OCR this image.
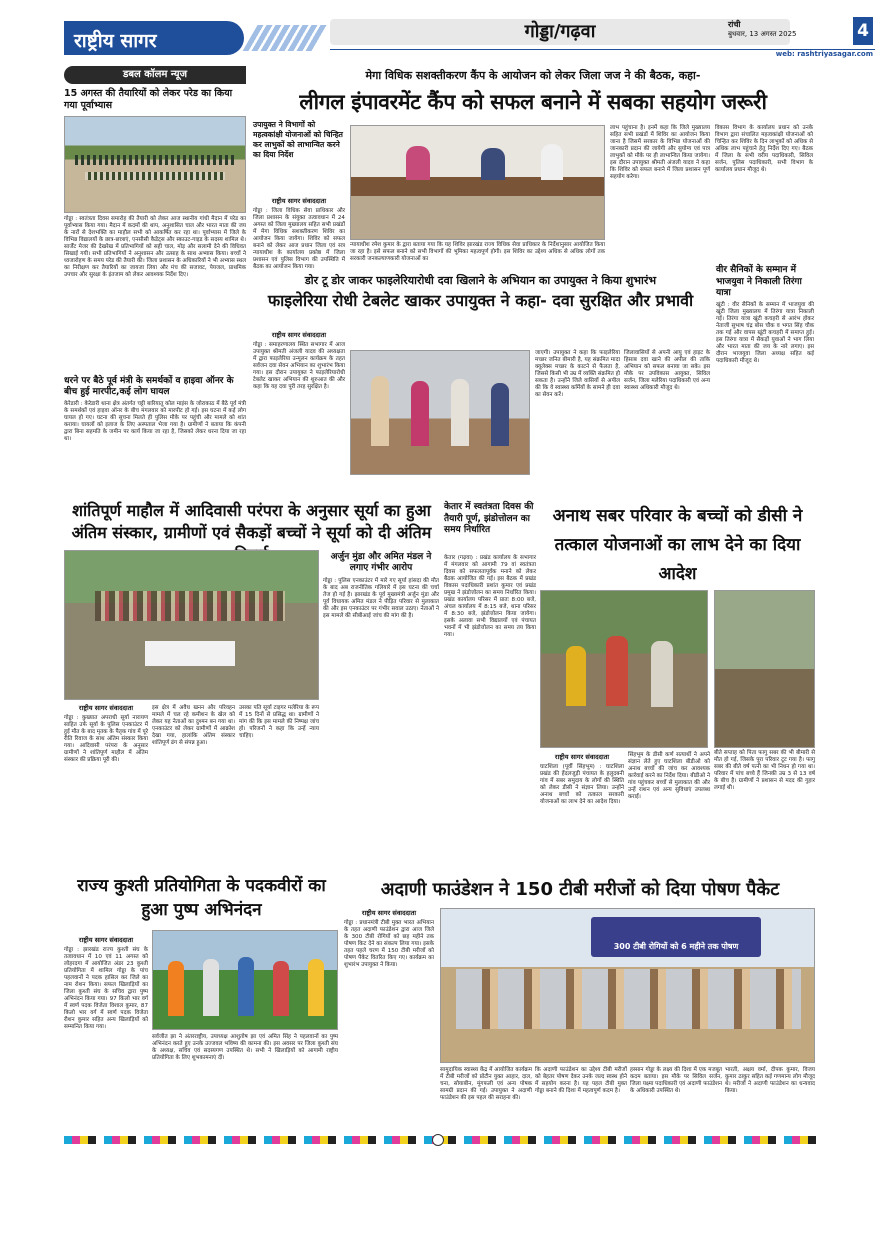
राष्ट्रीय सागर	गोड्डा/गढ़वा	रांची
बुधवार, 13 अगस्त 2025	4
web: rashtriyasagar.com
डबल कॉलम न्यूज
15 अगस्त की तैयारियों को लेकर परेड का किया गया पूर्वाभ्यास
गोड्डा : स्वतंत्रता दिवस समारोह की तैयारी को लेकर आज स्थानीय गांधी मैदान में परेड का पूर्वाभ्यास किया गया। मैदान में कदमों की थाप, अनुशासित चाल और भारत माता की जय के नारों से देशभक्ति का माहौल सभी को आकर्षित कर रहा था। पूर्वाभ्यास में जिले के विभिन्न विद्यालयों के छात्र-छात्राएं, एनसीसी कैडेट्स और स्काउट-गाइड के सदस्य शामिल थे। सार्जेंट मेजर की देखरेख में प्रतिभागियों को सही चाल, मोड़ और सलामी देने की विधिवत सिखाई गयी। सभी प्रतिभागियों ने अनुशासन और उत्साह के साथ अभ्यास किया। बच्चों ने ध्वजारोहण के समय परेड की तैयारी की। जिला प्रशासन के अधिकारियों ने भी अभ्यास स्थल का निरीक्षण कर तैयारियों का जायजा लिया और मंच की सजावट, पेयजल, प्राथमिक उपचार और सुरक्षा के इंतजाम को लेकर आवश्यक निर्देश दिए।
धरने पर बैठे पूर्व मंत्री के समर्थकों व हाइवा ऑनर के बीच हुई मारपीट,कई लोग घायल
केरेडारी : केरेडारी थाना क्षेत्र अंतर्गत चट्टी बारियातू कोल माइंस के जोराकाठ में बैठे पूर्व मंत्री के समर्थकों एवं हाइवा ऑनर के बीच मंगलवार को मारपीट हो गई। इस घटना में कई लोग घायल हो गए। घटना की सूचना मिलते ही पुलिस मौके पर पहुंची और मामले को शांत कराया। घायलों को इलाज के लिए अस्पताल भेजा गया है। ग्रामीणों ने बताया कि कंपनी द्वारा बिना सहमति के जमीन पर कार्य किया जा रहा है, जिसको लेकर धरना दिया जा रहा था।
मेगा विधिक सशक्तीकरण कैंप के आयोजन को लेकर जिला जज ने की बैठक, कहा-
लीगल इंपावरमेंट कैंप को सफल बनाने में सबका सहयोग जरूरी
उपायुक्त ने विभागों को महत्वकांक्षी योजनाओं को चिन्हित कर लाभुकों को लाभान्वित करने का दिया निर्देश
राष्ट्रीय सागर संवाददाता
गोड्डा : जिला विधिक सेवा प्राधिकार और जिला प्रशासन के संयुक्त तत्वावधान में 24 अगस्त को जिला मुख्यालय सहित सभी प्रखंडों में मेगा विधिक सशक्तीकरण शिविर का आयोजन किया जायेगा। शिविर को सफल बनाने को लेकर आज प्रधान जिला एवं सत्र न्यायाधीश के कार्यालय प्रकोष्ठ में जिला प्रशासन एवं पुलिस विभाग की उपस्थिति में बैठक का आयोजन किया गया।
न्यायाधीश रमेश कुमार के द्वारा बताया गया कि यह शिविर झारखंड राज्य विधिक सेवा प्राधिकार के निर्देशानुसार आयोजित किया जा रहा है। इसे सफल बनाने को सभी विभागों की भूमिका महत्वपूर्ण होगी। इस शिविर का उद्देश्य अधिक से अधिक लोगों तक सरकारी जनकल्याणकारी योजनाओं का
लाभ पहुंचाना है। इनमें कहा कि जिले मुख्यालय सहित सभी प्रखंडों में शिविर का आयोजन किया जाना है जिसमें सरकार के विभिन्न योजनाओं की जानकारी प्रदान की जायेगी और सुयोग्य एवं पात्र लाभुकों को मौके पर ही लाभान्वित किया जायेगा। इस दौरान उपायुक्त श्रीमती अंजली यादव ने कहा कि शिविर को सफल बनाने में जिला प्रशासन पूर्ण सहयोग करेगा।
विकास विभाग के कार्यालय प्रधान को उनके विभाग द्वारा संचालित महत्वकांक्षी योजनाओं को चिन्हित कर शिविर के दिन लाभुकों को अधिक से अधिक लाभ पहुंचाने हेतु निर्देश दिए गए। बैठक में जिला के सभी वरीय पदाधिकारी, सिविल सर्जन, पुलिस पदाधिकारी, सभी विभाग के कार्यालय प्रधान मौजूद थे।
डोर टू डोर जाकर फाइलेरियारोधी दवा खिलाने के अभियान का उपायुक्त ने किया शुभारंभ
फाइलेरिया रोधी टेबलेट खाकर उपायुक्त ने कहा- दवा सुरक्षित और प्रभावी
राष्ट्रीय सागर संवाददाता
गोड्डा : समाहरणालय स्थित सभागार में आज उपायुक्त श्रीमती अंजली यादव की अध्यक्षता में द्वारा फाइलेरिया उन्मूलन कार्यक्रम के तहत सर्वजन दवा सेवन अभियान का शुभारंभ किया गया। इस दौरान उपायुक्त ने फाइलेरियारोधी टेबलेट खाकर अभियान की शुरुआत की और कहा कि यह दवा पूरी तरह सुरक्षित है।
जाएगी। उपायुक्त ने कहा कि फाइलेरिया मच्छर जनित बीमारी है, यह संक्रमित मादा क्यूलेक्स मच्छर के काटने से फैलता है, जिससे किसी भी उम्र में व्यक्ति संक्रमित हो सकता है। उन्होंने जिले वासियों से अपील की कि वे स्वास्थ्य कर्मियों के सामने ही दवा का सेवन करें।
जिलावासियों से अपनी आयु एवं हाइट के हिसाब दवा खाने की अपील की ताकि अभियान को सफल बनाया जा सके। इस मौके पर उपविकास आयुक्त, सिविल सर्जन, जिला मलेरिया पदाधिकारी एवं अन्य स्वास्थ्य अधिकारी मौजूद थे।
वीर सैनिकों के सम्मान में भाजयुवा ने निकाली तिरंगा यात्रा
खूंटी : वीर सैनिकों के सम्मान में भाजयुवा की खूंटी जिला मुख्यालय में तिरंगा यात्रा निकाली गई। तिरंगा यात्रा खूंटी कचहरी से आरंभ होकर नेताजी सुभाष चंद्र बोस चौक व भगत सिंह चौक तक गई और वापस खूंटी कचहरी में समाप्त हुई। इस तिरंगा यात्रा में सैकड़ों युवाओं ने भाग लिया और भारत माता की जय के नारे लगाए। इस दौरान भाजयुवा जिला अध्यक्ष सहित कई पदाधिकारी मौजूद थे।
शांतिपूर्ण माहौल में आदिवासी परंपरा के अनुसार सूर्या का हुआ अंतिम संस्कार, ग्रामीणों एवं सैकड़ों बच्चों ने सूर्या को दी अंतिम
अर्जुन मुंडा और अमित मंडल ने लगाए गंभीर आरोप
गोड्डा : पुलिस एनकाउंटर में मारे गए सूर्या हांसदा की मौत के बाद अब राजनीतिक गलियारे में इस घटना की चर्चा तेज हो गई है। झारखंड के पूर्व मुख्यमंत्री अर्जुन मुंडा और पूर्व विधायक अमित मंडल ने पीड़ित परिवार से मुलाकात की और इस एनकाउंटर पर गंभीर सवाल उठाए। नेताओं ने इस मामले की सीबीआई जांच की मांग की है।
राष्ट्रीय सागर संवाददाता
गोड्डा : कुख्यात अपराधी सूर्या नारायण साहित उर्फ सूर्या के पुलिस एनकाउंटर में हुई मौत के बाद मृतक के पैतृक गांव में पूरे रीति रिवाज के साथ अंतिम संस्कार किया गया। आदिवासी परंपरा के अनुसार ग्रामीणों ने शांतिपूर्ण माहौल में अंतिम संस्कार की प्रक्रिया पूरी की।
इस क्षेत्र में अवैध खनन और परिवहन मामले में चल रहे कमीशन के खेल को लेकर यह नेताओं का दुश्मन बन गया था। एनकाउंटर को लेकर ग्रामीणों में आक्रोश देखा गया, हालांकि अंतिम संस्कार शांतिपूर्ण ढंग से संपन्न हुआ।
उसका पति सूर्या टाइगर मलेरिया के रूप में 15 दिनों से प्रसिद्ध था। ग्रामीणों ने मांग की कि इस मामले की निष्पक्ष जांच हो। परिजनों ने कहा कि उन्हें न्याय चाहिए।
केतार में स्वतंत्रता दिवस की तैयारी पूर्ण, झंडोत्तोलन का समय निर्धारित
केतार (गढ़वा) : प्रखंड कार्यालय के सभागार में मंगलवार को आगामी 79 वां स्वतंत्रता दिवस को सफलतापूर्वक मनाने को लेकर बैठक आयोजित की गई। इस बैठक में प्रखंड विकास पदाधिकारी प्रशांत कुमार एवं प्रखंड प्रमुख ने झंडोत्तोलन का समय निर्धारित किया। प्रखंड कार्यालय परिसर में प्रातः 8:00 बजे, अंचल कार्यालय में 8:15 बजे, थाना परिसर में 8:30 बजे, झंडोत्तोलन किया जायेगा। इसके अलावा सभी विद्यालयों एवं पंचायत भवनों में भी झंडोत्तोलन का समय तय किया गया।
अनाथ सबर परिवार के बच्चों को डीसी ने तत्काल योजनाओं का लाभ देने का दिया आदेश
बीते सप्ताह को पिता फागु सबर की भी बीमारी से मौत हो गई, जिसके पूरा परिवार टूट गया है। फागु सबर की बीते वर्ष पत्नी का भी निधन हो गया था। परिवार में पांच बच्चे हैं जिनकी उम्र 3 से 13 वर्ष के बीच है। ग्रामीणों ने प्रशासन से मदद की गुहार लगाई थी।
राष्ट्रीय सागर संवाददाता
घाटशिला (पूर्वी सिंहभूम) : घाटशिला प्रखंड की हेंदलजुड़ी पंचायत के हलुदबनी गांव में सबर समुदाय के लोगों की स्थिति को लेकर डीसी ने संज्ञान लिया। उन्होंने अनाथ बच्चों को तत्काल सरकारी योजनाओं का लाभ देने का आदेश दिया।
सिंहभूम के डीसी कर्ण सत्यार्थी ने अपने संज्ञान लेते हुए घाटशिला बीडीओ को अनाथ बच्चों की जांच कर आवश्यक कार्रवाई करने का निर्देश दिया। बीडीओ ने गांव पहुंचकर बच्चों से मुलाकात की और उन्हें राशन एवं अन्य सुविधाएं उपलब्ध कराईं।
राज्य कुश्ती प्रतियोगिता के पदकवीरों का हुआ पुष्प अभिनंदन
राष्ट्रीय सागर संवाददाता
गोड्डा : झारखंड राज्य कुश्ती संघ के तत्वावधान में 10 एवं 11 अगस्त को लोहरदगा में आयोजित अंडर 23 कुश्ती प्रतियोगिता में शामिल गोड्डा के पांच पहलवानों ने पदक हासिल कर जिले का नाम रोशन किया। सफल खिलाड़ियों का जिला कुश्ती संघ के सचिव द्वारा पुष्प अभिनंदन किया गया। 97 किलो भार वर्ग में स्वर्ण पदक विजेता विशाल कुमार, 87 किलो भार वर्ग में स्वर्ण पदक विजेता रौशन कुमार सहित अन्य खिलाड़ियों को सम्मानित किया गया।
सर्वजीत झा ने अंतरराष्ट्रीय, उपाध्यक्ष आशुतोष झा एवं अमित सिंह ने पहलवानों का पुष्प अभिनंदन करते हुए उनके उज्जवल भविष्य की कामना की। इस अवसर पर जिला कुश्ती संघ के अध्यक्ष, सचिव एवं सदस्यगण उपस्थित थे। सभी ने खिलाड़ियों को आगामी राष्ट्रीय प्रतियोगिता के लिए शुभकामनाएं दीं।
अदाणी फाउंडेशन ने 150 टीबी मरीजों को दिया पोषण पैकेट
राष्ट्रीय सागर संवाददाता
गोड्डा : प्रधानमंत्री टीबी मुक्त भारत अभियान के तहत अदाणी फाउंडेशन द्वारा आज जिले के 300 टीबी रोगियों को छह महीने तक पोषण किट देने का संकल्प लिया गया। इसके तहत पहले चरण में 150 टीबी मरीजों को पोषण पैकेट वितरित किए गए। कार्यक्रम का शुभारंभ उपायुक्त ने किया।
300 टीबी रोगियों को 6 महीने तक पोषण
सामुदायिक स्वास्थ्य केंद्र में आयोजित कार्यक्रम में टीबी मरीजों को प्रोटीन युक्त आहार, दाल, चना, सोयाबीन, मूंगफली एवं अन्य पोषक सामग्री प्रदान की गई। उपायुक्त ने अदाणी फाउंडेशन की इस पहल की सराहना की।
कि अदाणी फाउंडेशन का उद्देश्य टीबी मरीजों को बेहतर पोषण देकर उनके जल्द स्वस्थ होने में सहयोग करना है। यह पहल टीबी मुक्त गोड्डा बनाने की दिशा में महत्वपूर्ण कदम है।
हस्सान गोड्डा के लक्ष्य की दिशा में एक मजबूत कदम बताया। इस मौके पर सिविल सर्जन, जिला यक्ष्मा पदाधिकारी एवं अदाणी फाउंडेशन के अधिकारी उपस्थित थे।
भारती, अक्षय वर्मा, दीपक कुमार, विजय कुमार ठाकुर सहित कई गणमान्य लोग मौजूद थे। मरीजों ने अदाणी फाउंडेशन का धन्यवाद किया।
